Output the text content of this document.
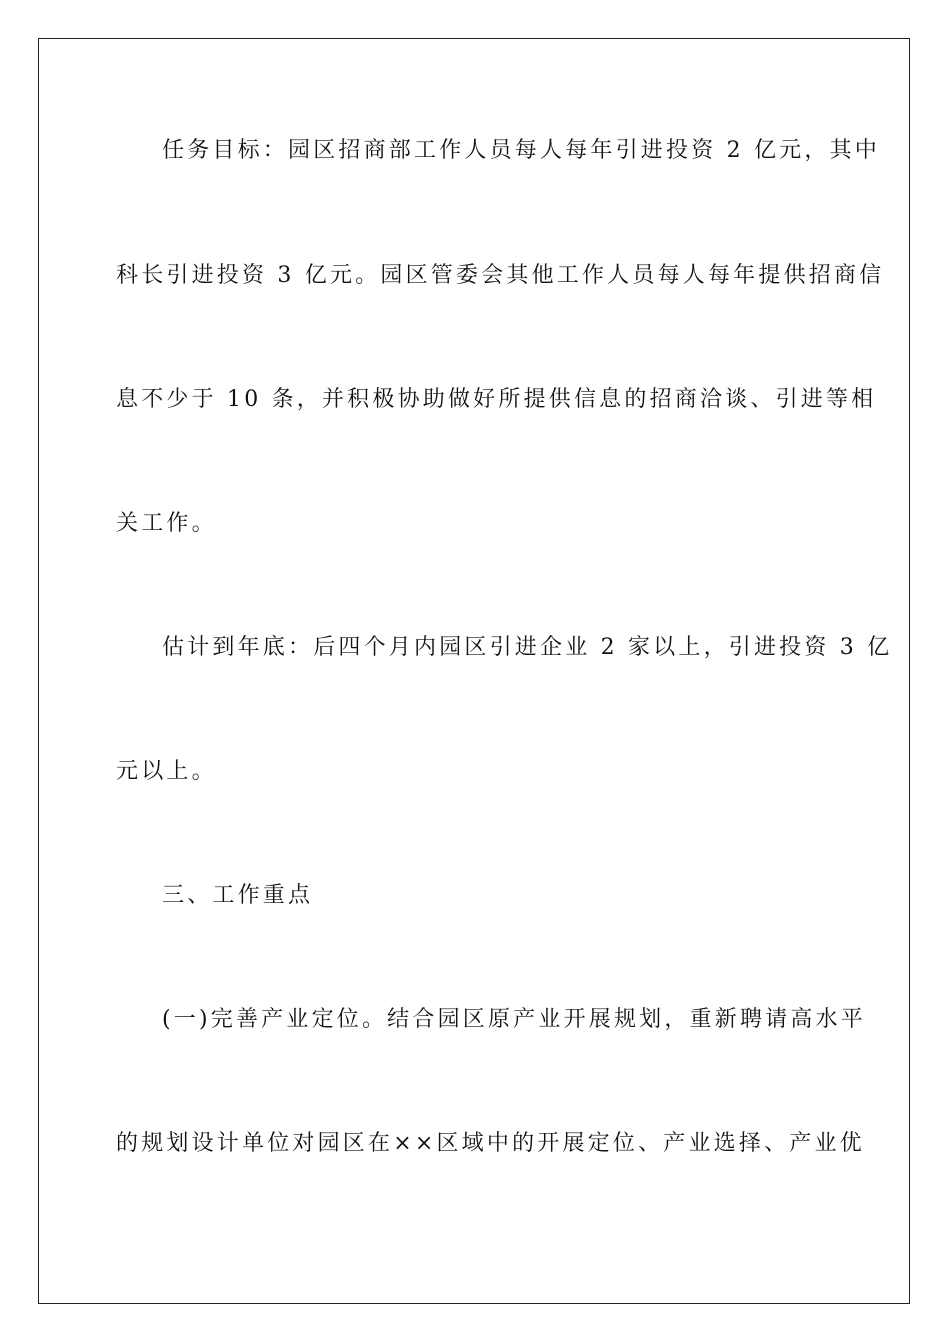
任务目标：园区招商部工作人员每人每年引进投资 2 亿元，其中
科长引进投资 3 亿元。园区管委会其他工作人员每人每年提供招商信
息不少于 10 条，并积极协助做好所提供信息的招商洽谈、引进等相
关工作。
估计到年底：后四个月内园区引进企业 2 家以上，引进投资 3 亿
元以上。
三、工作重点
(一)完善产业定位。结合园区原产业开展规划，重新聘请高水平
的规划设计单位对园区在××区域中的开展定位、产业选择、产业优
